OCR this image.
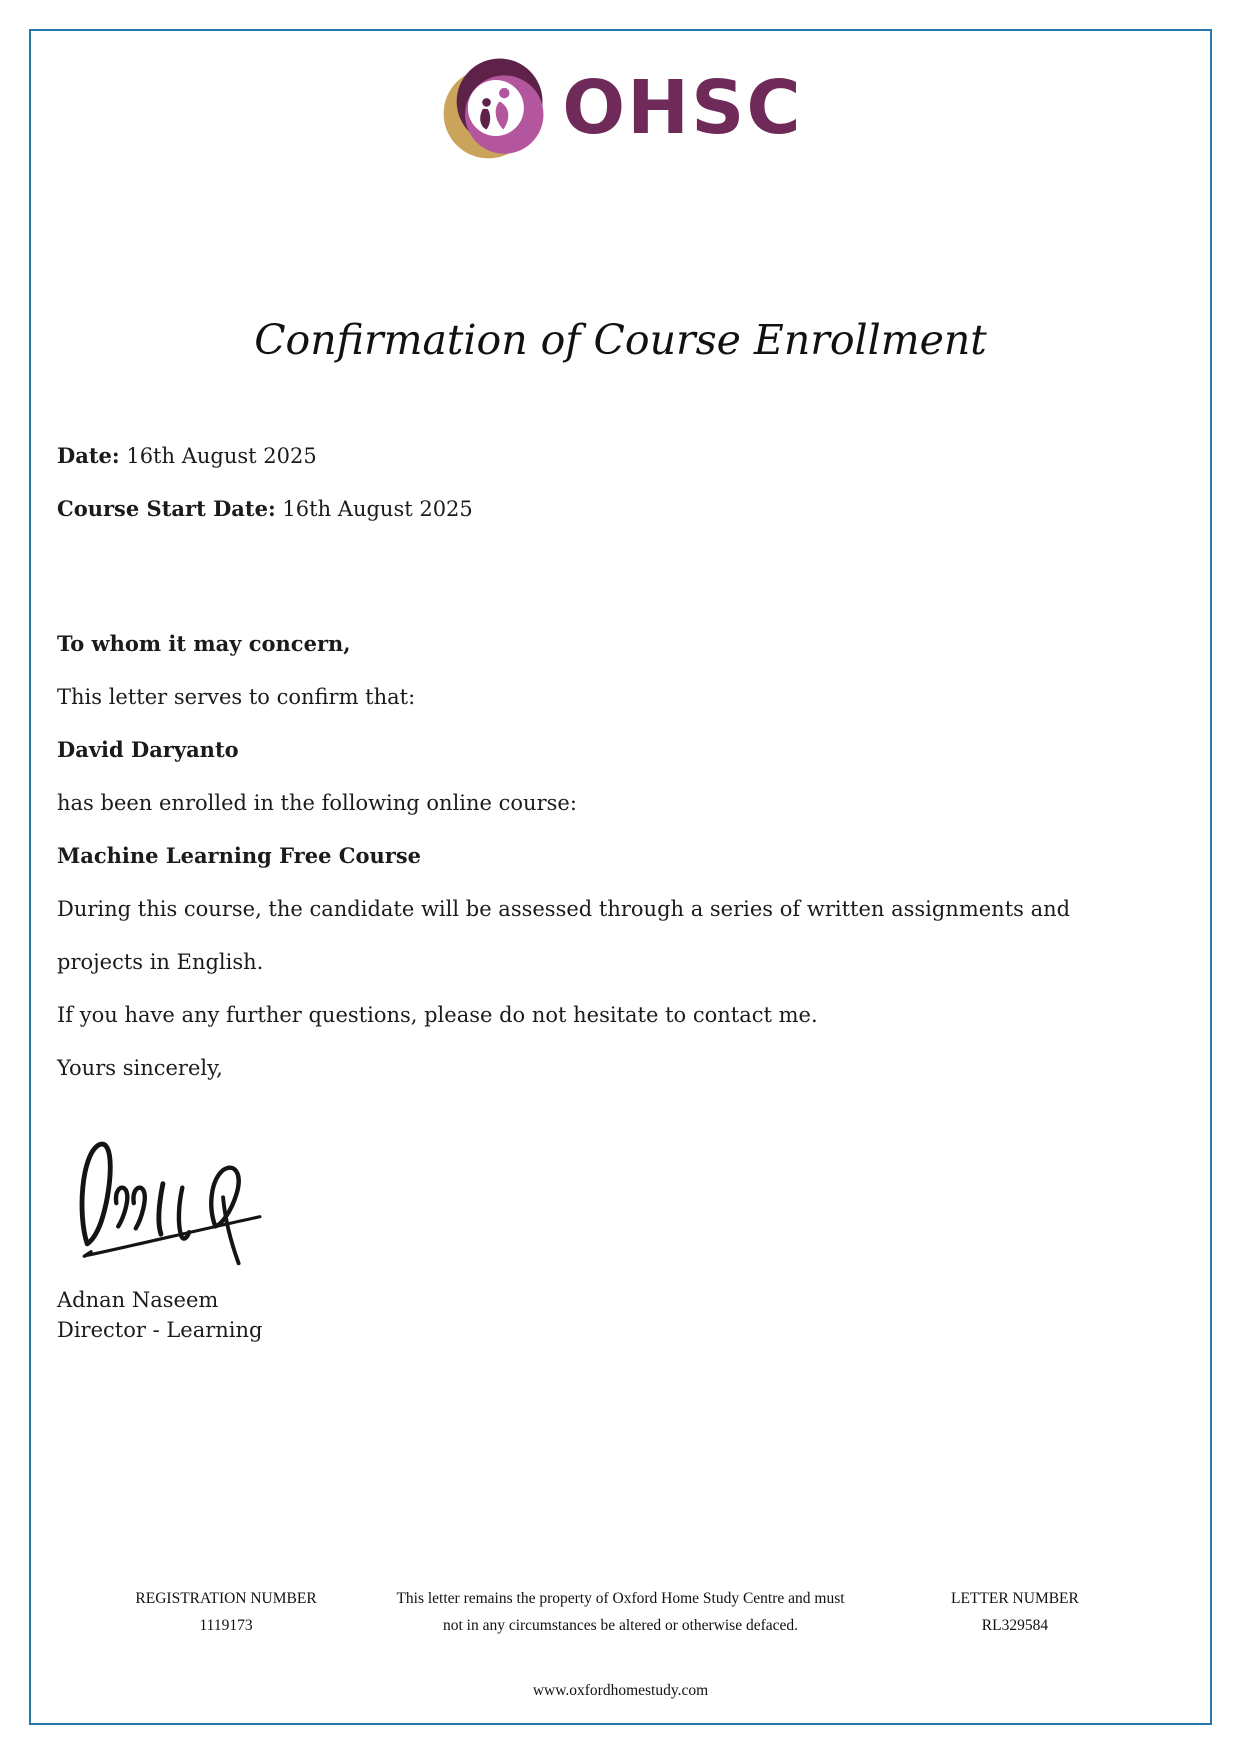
OHSC
Confirmation of Course Enrollment

Date: 16th August 2025

Course Start Date: 16th August 2025

To whom it may concern,

This letter serves to confirm that:

David Daryanto

has been enrolled in the following online course:

Machine Learning Free Course

During this course, the candidate will be assessed through a series of written assignments and

projects in English.

If you have any further questions, please do not hesitate to contact me.

Yours sincerely,

Adnan Naseem

Director - Learning

REGISTRATION NUMBER
1119173
This letter remains the property of Oxford Home Study Centre and must
not in any circumstances be altered or otherwise defaced.
LETTER NUMBER
RL329584
www.oxfordhomestudy.com
